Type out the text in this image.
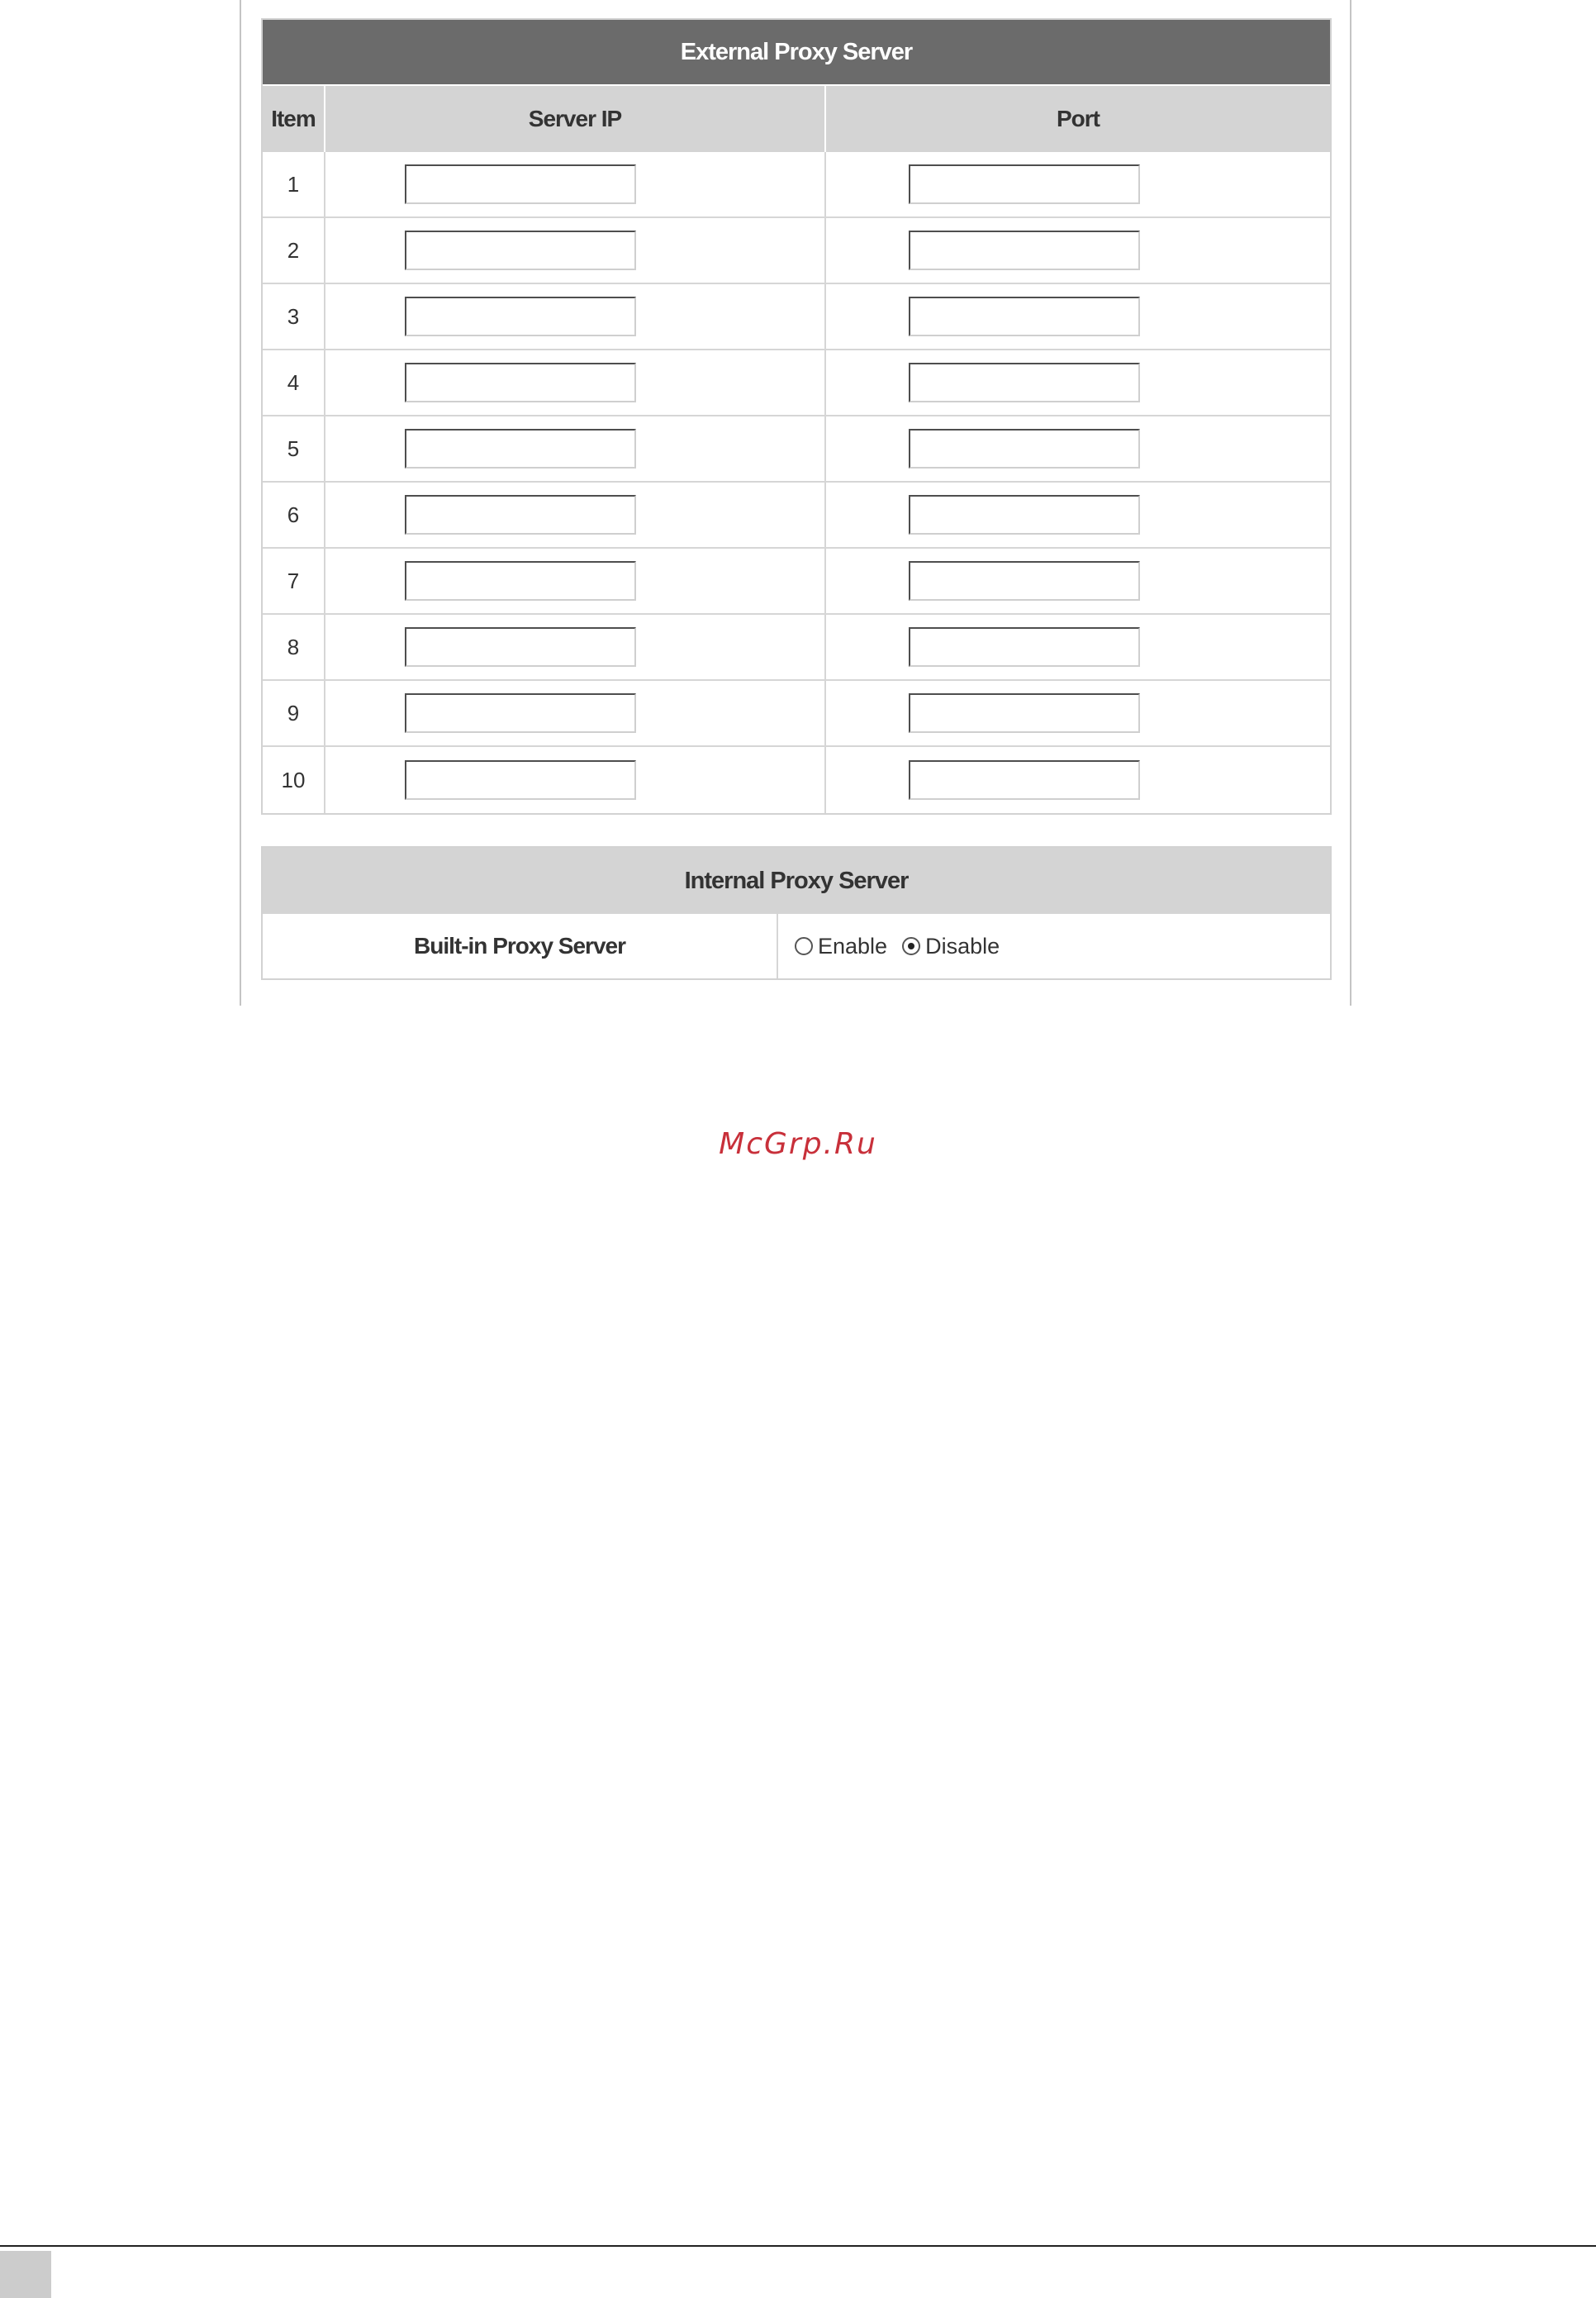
External Proxy Server
Item	Server IP	Port
1
2
3
4
5
6
7
8
9
10
Internal Proxy Server
Built-in Proxy Server	Enable Disable
McGrp.Ru
